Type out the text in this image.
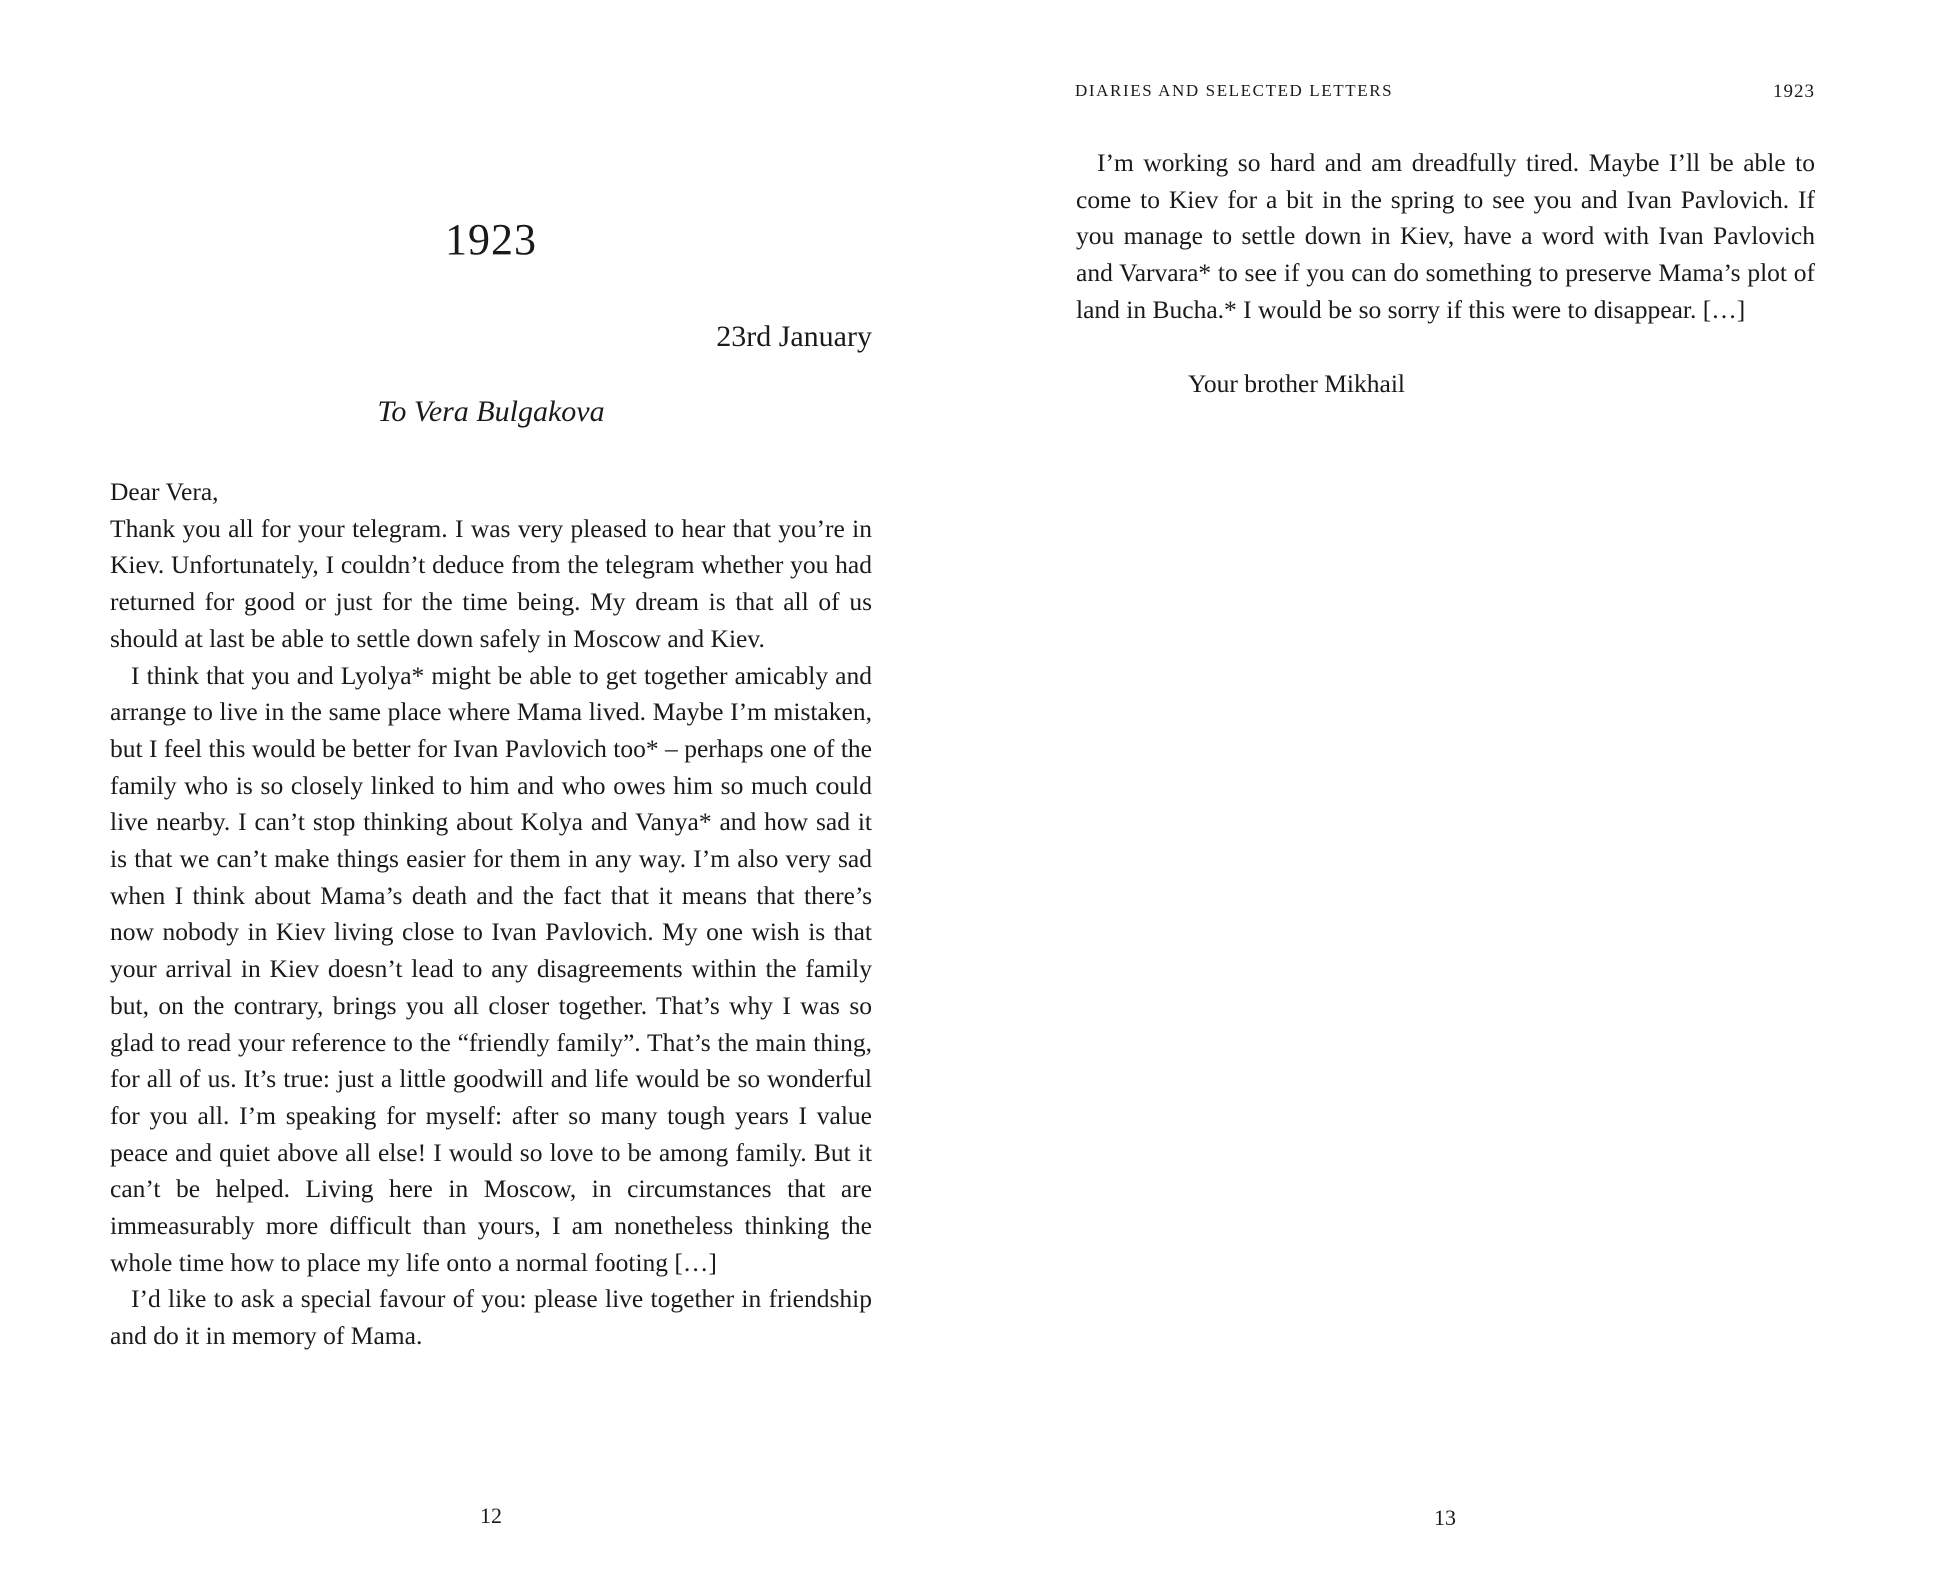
1923
23rd January
To Vera Bulgakova

Dear Vera,

Thank you all for your telegram. I was very pleased to hear that you’re in Kiev. Unfortunately, I couldn’t deduce from the telegram whether you had returned for good or just for the time being. My dream is that all of us should at last be able to settle down safely in Moscow and Kiev.

I think that you and Lyolya* might be able to get together amicably and arrange to live in the same place where Mama lived. Maybe I’m mistaken, but I feel this would be better for Ivan Pavlovich too* – perhaps one of the family who is so closely linked to him and who owes him so much could live nearby. I can’t stop thinking about Kolya and Vanya* and how sad it is that we can’t make things easier for them in any way. I’m also very sad when I think about Mama’s death and the fact that it means that there’s now nobody in Kiev living close to Ivan Pavlovich. My one wish is that your arrival in Kiev doesn’t lead to any disagreements within the family but, on the contrary, brings you all closer together. That’s why I was so glad to read your reference to the “friendly family”. That’s the main thing, for all of us. It’s true: just a little goodwill and life would be so wonderful for you all. I’m speaking for myself: after so many tough years I value peace and quiet above all else! I would so love to be among family. But it can’t be helped. Living here in Moscow, in circumstances that are immeasurably more difficult than yours, I am nonetheless thinking the whole time how to place my life onto a normal footing […]

I’d like to ask a special favour of you: please live together in friendship and do it in memory of Mama.

12
DIARIES AND SELECTED LETTERS	1923

I’m working so hard and am dreadfully tired. Maybe I’ll be able to come to Kiev for a bit in the spring to see you and Ivan Pavlovich. If you manage to settle down in Kiev, have a word with Ivan Pavlovich and Varvara* to see if you can do something to preserve Mama’s plot of land in Bucha.* I would be so sorry if this were to disappear. […]

Your brother Mikhail
13
